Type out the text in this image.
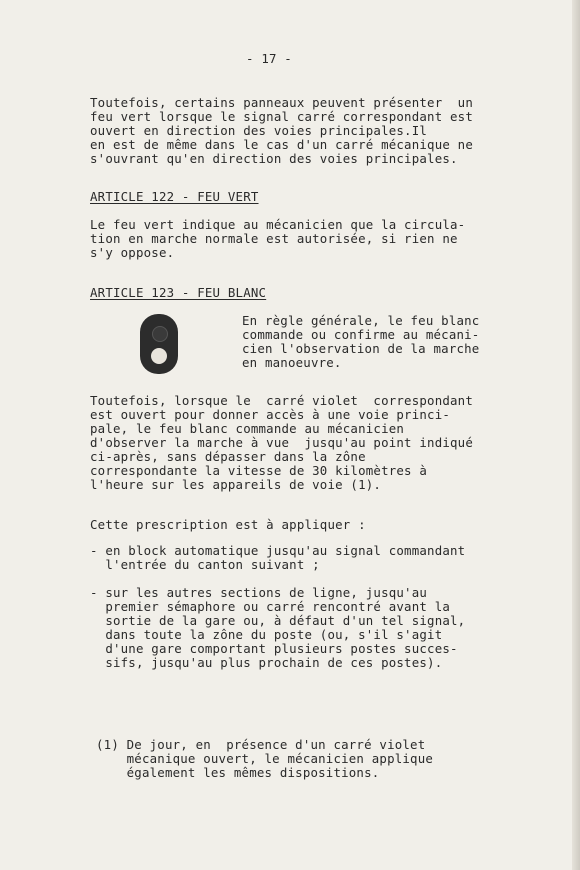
- 17 -
Toutefois, certains panneaux peuvent présenter  un
feu vert lorsque le signal carré correspondant est
ouvert en direction des voies principales.Il
en est de même dans le cas d'un carré mécanique ne
s'ouvrant qu'en direction des voies principales.
ARTICLE 122 - FEU VERT
Le feu vert indique au mécanicien que la circula-
tion en marche normale est autorisée, si rien ne
s'y oppose.
ARTICLE 123 - FEU BLANC
En règle générale, le feu blanc
commande ou confirme au mécani-
cien l'observation de la marche
en manoeuvre.
Toutefois, lorsque le  carré violet  correspondant
est ouvert pour donner accès à une voie princi-
pale, le feu blanc commande au mécanicien
d'observer la marche à vue  jusqu'au point indiqué
ci-après, sans dépasser dans la zône
correspondante la vitesse de 30 kilomètres à
l'heure sur les appareils de voie (1).
Cette prescription est à appliquer :
- en block automatique jusqu'au signal commandant
l'entrée du canton suivant ;
- sur les autres sections de ligne, jusqu'au
premier sémaphore ou carré rencontré avant la
sortie de la gare ou, à défaut d'un tel signal,
dans toute la zône du poste (ou, s'il s'agit
d'une gare comportant plusieurs postes succes-
sifs, jusqu'au plus prochain de ces postes).
(1) De jour, en  présence d'un carré violet
mécanique ouvert, le mécanicien applique
également les mêmes dispositions.
